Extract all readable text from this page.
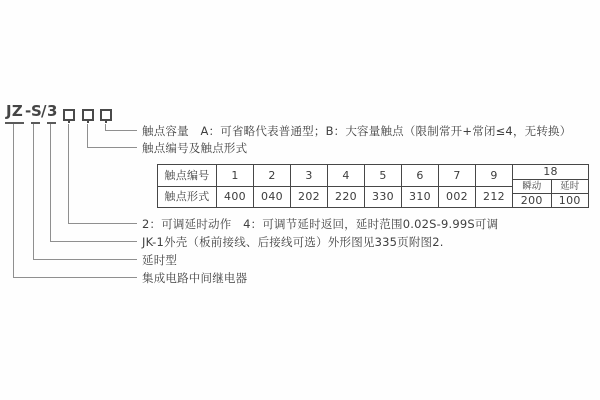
JZ - S
/ 3
触点容量　A：可省略代表普通型；B：大容量触点（限制常开+常闭≤4，无转换）
触点编号及触点形式
2：可调延时动作　4：可调节延时返回，延时范围0.02S-9.99S可调
JK-1外壳（板前接线、后接线可选）外形图见335页附图2.
延时型
集成电路中间继电器
触点编号
触点形式
1
400
2
040
3
202
4
220
5
330
6
310
7
002
9
212
18
瞬动	延时
200	100
